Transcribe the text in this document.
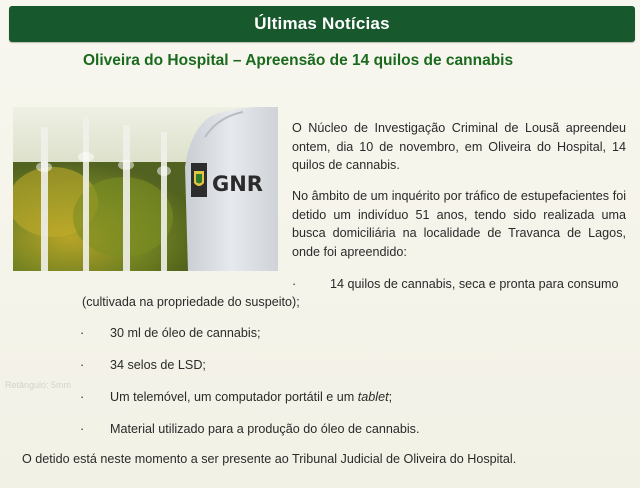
Últimas Notícias
Oliveira do Hospital – Apreensão de 14 quilos de cannabis
GNR
O Núcleo de Investigação Criminal de Lousã apreendeu ontem, dia 10 de novembro, em Oliveira do Hospital, 14 quilos de cannabis.
No âmbito de um inquérito por tráfico de estupefacientes foi detido um indivíduo 51 anos, tendo sido realizada uma busca domiciliária na localidade de Travanca de Lagos, onde foi apreendido:
·	14 quilos de cannabis, seca e pronta para consumo
(cultivada na propriedade do suspeito);
· 30 ml de óleo de cannabis;
· 34 selos de LSD;
· Um telemóvel, um computador portátil e um tablet;
· Material utilizado para a produção do óleo de cannabis.
Retângulo: 5mm
O detido está neste momento a ser presente ao Tribunal Judicial de Oliveira do Hospital.
